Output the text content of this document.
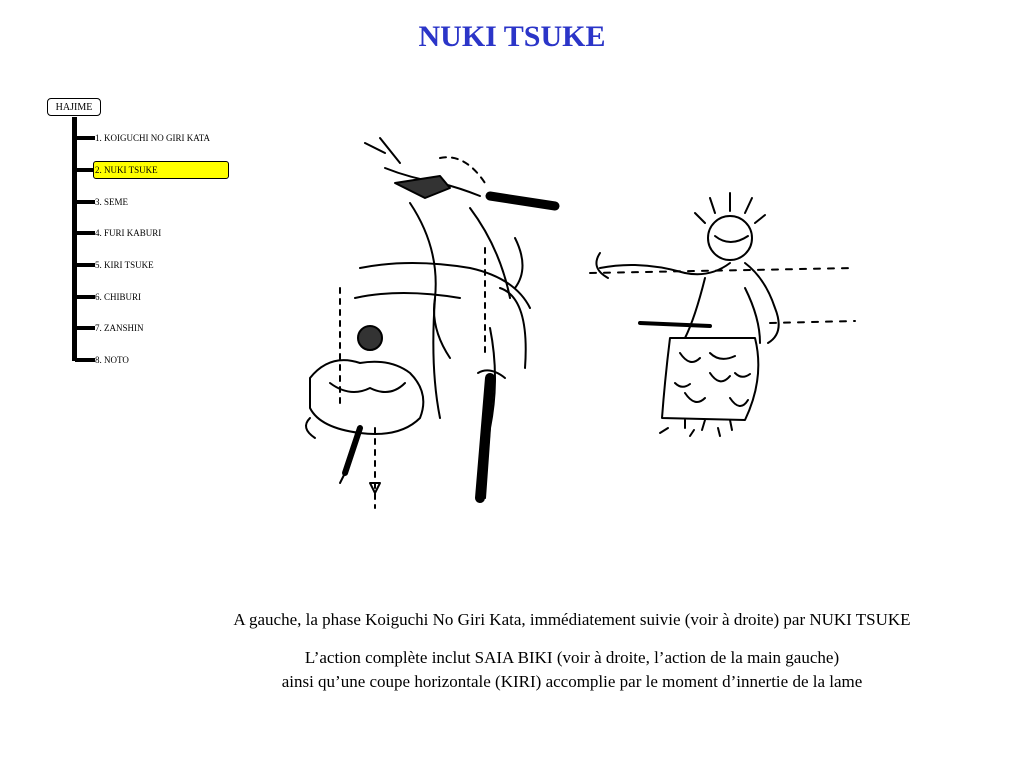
NUKI TSUKE
HAJIME
1. KOIGUCHI NO GIRI KATA
2. NUKI TSUKE
3. SEME
4. FURI KABURI
5. KIRI TSUKE
6. CHIBURI
7. ZANSHIN
8. NOTO
A gauche, la phase Koiguchi No Giri Kata, immédiatement suivie (voir à droite) par NUKI TSUKE
L’action complète inclut SAIA BIKI (voir à droite, l’action de la main gauche)
ainsi qu’une coupe horizontale (KIRI) accomplie par le moment d’innertie de la lame
